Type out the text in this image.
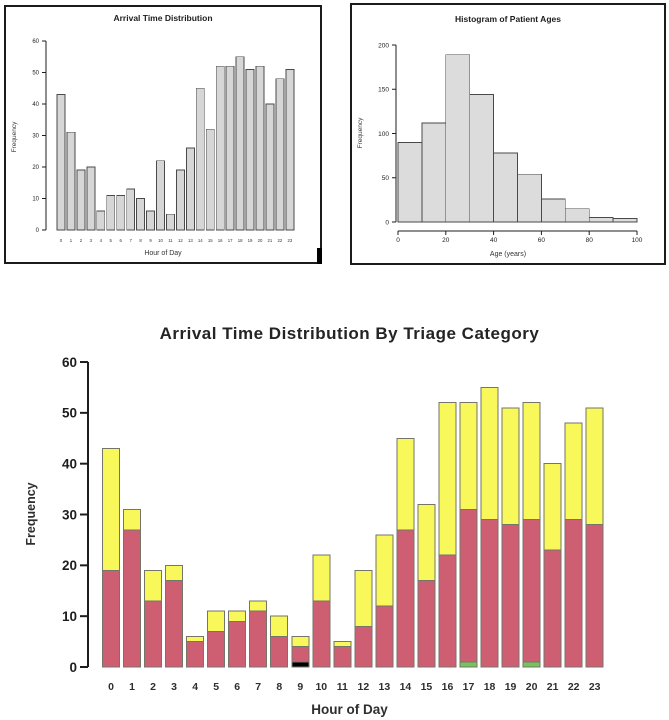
Arrival Time Distribution
0
10
20
30
40
50
60
0 1 2 3 4 5 6 7 8 9 10 11 12 13 14 15 16 17 18 19 20 21 22 23
Hour of Day
Frequency
Histogram of Patient Ages
0
50
100
150
200
0	20	40	60	80	100
Age (years)
Frequency
Arrival Time Distribution By Triage Category
0
10
20
30
40
50
60
0 1 2 3 4 5 6 7 8 9 10 11 12 13 14 15 16 17 18 19 20 21 22 23
Hour of Day
Frequency
